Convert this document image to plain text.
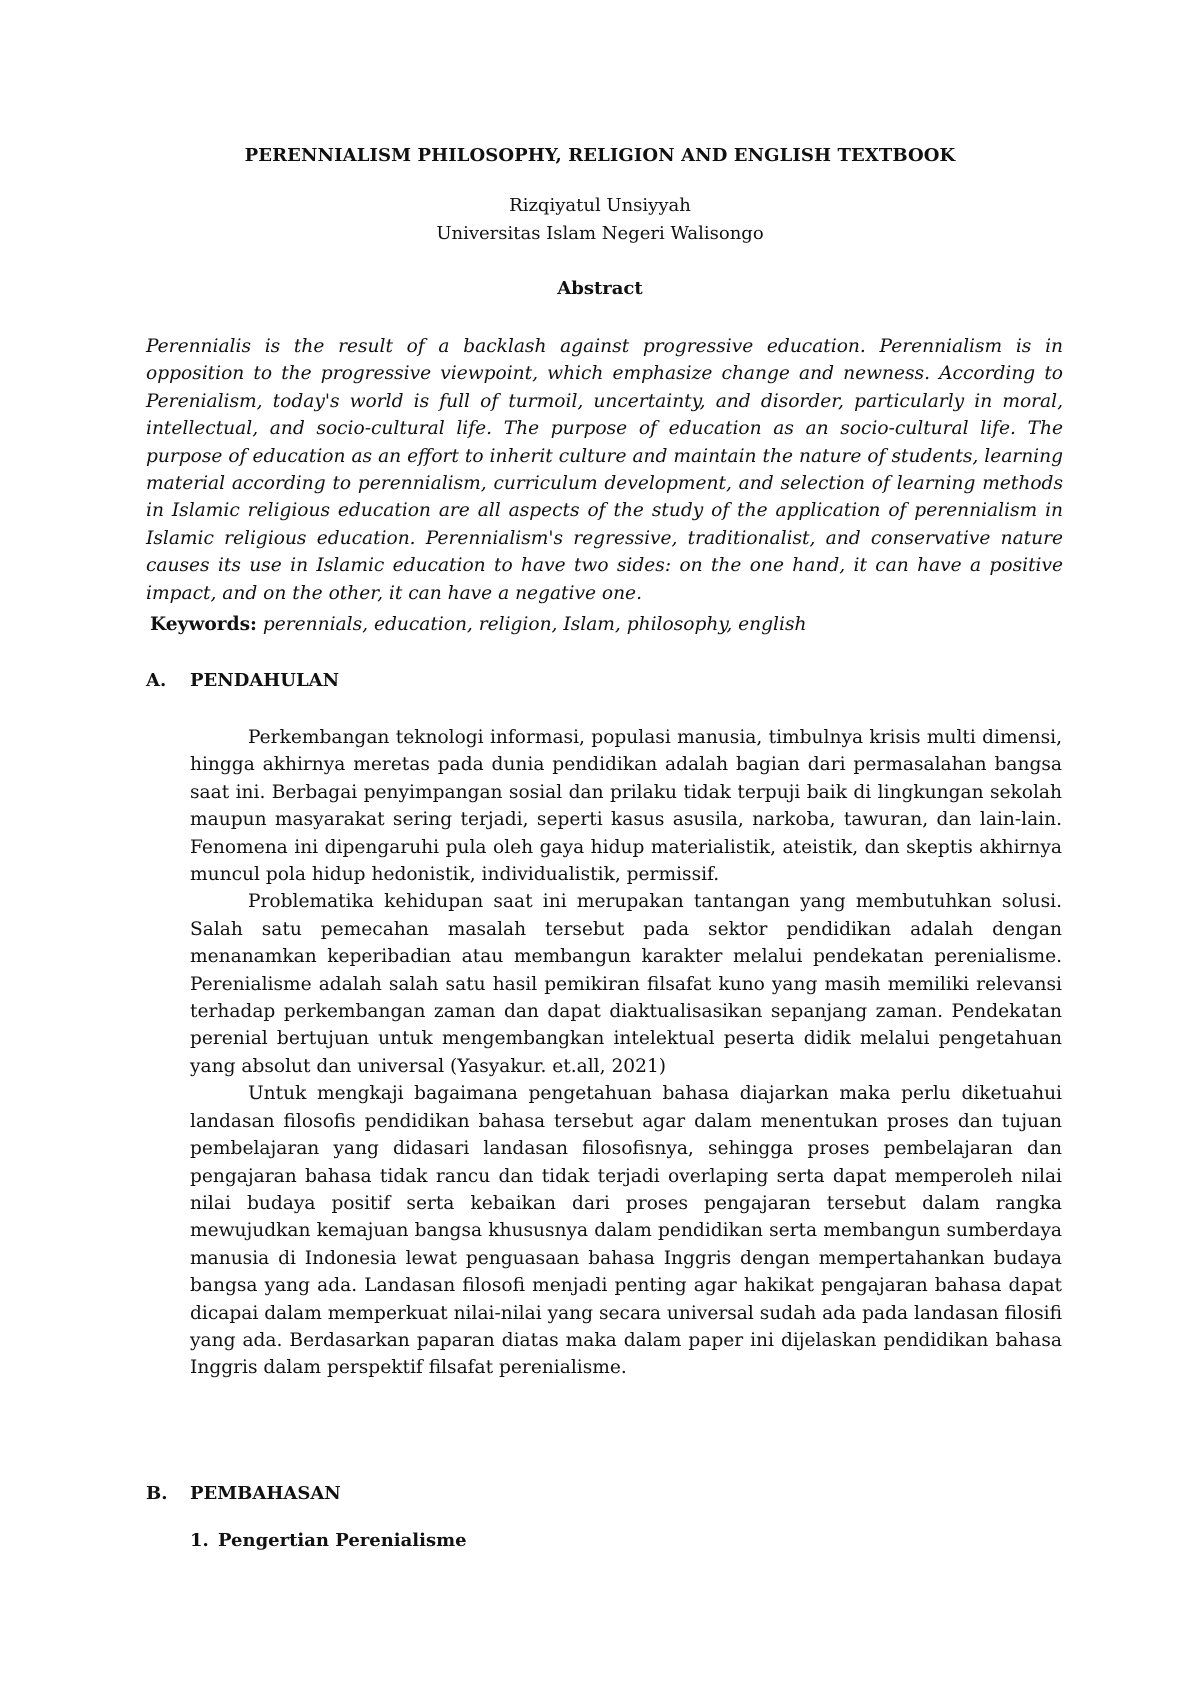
PERENNIALISM PHILOSOPHY, RELIGION AND ENGLISH TEXTBOOK
Rizqiyatul Unsiyyah
Universitas Islam Negeri Walisongo
Abstract
Perennialis is the result of a backlash against progressive education. Perennialism is in opposition to the progressive viewpoint, which emphasize change and newness. According to Perenialism, today's world is full of turmoil, uncertainty, and disorder, particularly in moral, intellectual, and socio-cultural life. The purpose of education as an socio-cultural life. The purpose of education as an effort to inherit culture and maintain the nature of students, learning material according to perennialism, curriculum development, and selection of learning methods in Islamic religious education are all aspects of the study of the application of perennialism in Islamic religious education. Perennialism's regressive, traditionalist, and conservative nature causes its use in Islamic education to have two sides: on the one hand, it can have a positive impact, and on the other, it can have a negative one.
Keywords: perennials, education, religion, Islam, philosophy, english
A. PENDAHULAN

Perkembangan teknologi informasi, populasi manusia, timbulnya krisis multi dimensi, hingga akhirnya meretas pada dunia pendidikan adalah bagian dari permasalahan bangsa saat ini. Berbagai penyimpangan sosial dan prilaku tidak terpuji baik di lingkungan sekolah maupun masyarakat sering terjadi, seperti kasus asusila, narkoba, tawuran, dan lain-lain. Fenomena ini dipengaruhi pula oleh gaya hidup materialistik, ateistik, dan skeptis akhirnya muncul pola hidup hedonistik, individualistik, permissif.

Problematika kehidupan saat ini merupakan tantangan yang membutuhkan solusi. Salah satu pemecahan masalah tersebut pada sektor pendidikan adalah dengan menanamkan keperibadian atau membangun karakter melalui pendekatan perenialisme. Perenialisme adalah salah satu hasil pemikiran filsafat kuno yang masih memiliki relevansi terhadap perkembangan zaman dan dapat diaktualisasikan sepanjang zaman. Pendekatan perenial bertujuan untuk mengembangkan intelektual peserta didik melalui pengetahuan yang absolut dan universal (Yasyakur. et.all, 2021)

Untuk mengkaji bagaimana pengetahuan bahasa diajarkan maka perlu diketuahui landasan filosofis pendidikan bahasa tersebut agar dalam menentukan proses dan tujuan pembelajaran yang didasari landasan filosofisnya, sehingga proses pembelajaran dan pengajaran bahasa tidak rancu dan tidak terjadi overlaping serta dapat memperoleh nilai nilai budaya positif serta kebaikan dari proses pengajaran tersebut dalam rangka mewujudkan kemajuan bangsa khususnya dalam pendidikan serta membangun sumberdaya manusia di Indonesia lewat penguasaan bahasa Inggris dengan mempertahankan budaya bangsa yang ada. Landasan filosofi menjadi penting agar hakikat pengajaran bahasa dapat dicapai dalam memperkuat nilai-nilai yang secara universal sudah ada pada landasan filosifi yang ada. Berdasarkan paparan diatas maka dalam paper ini dijelaskan pendidikan bahasa Inggris dalam perspektif filsafat perenialisme.

B. PEMBAHASAN
1. Pengertian Perenialisme
